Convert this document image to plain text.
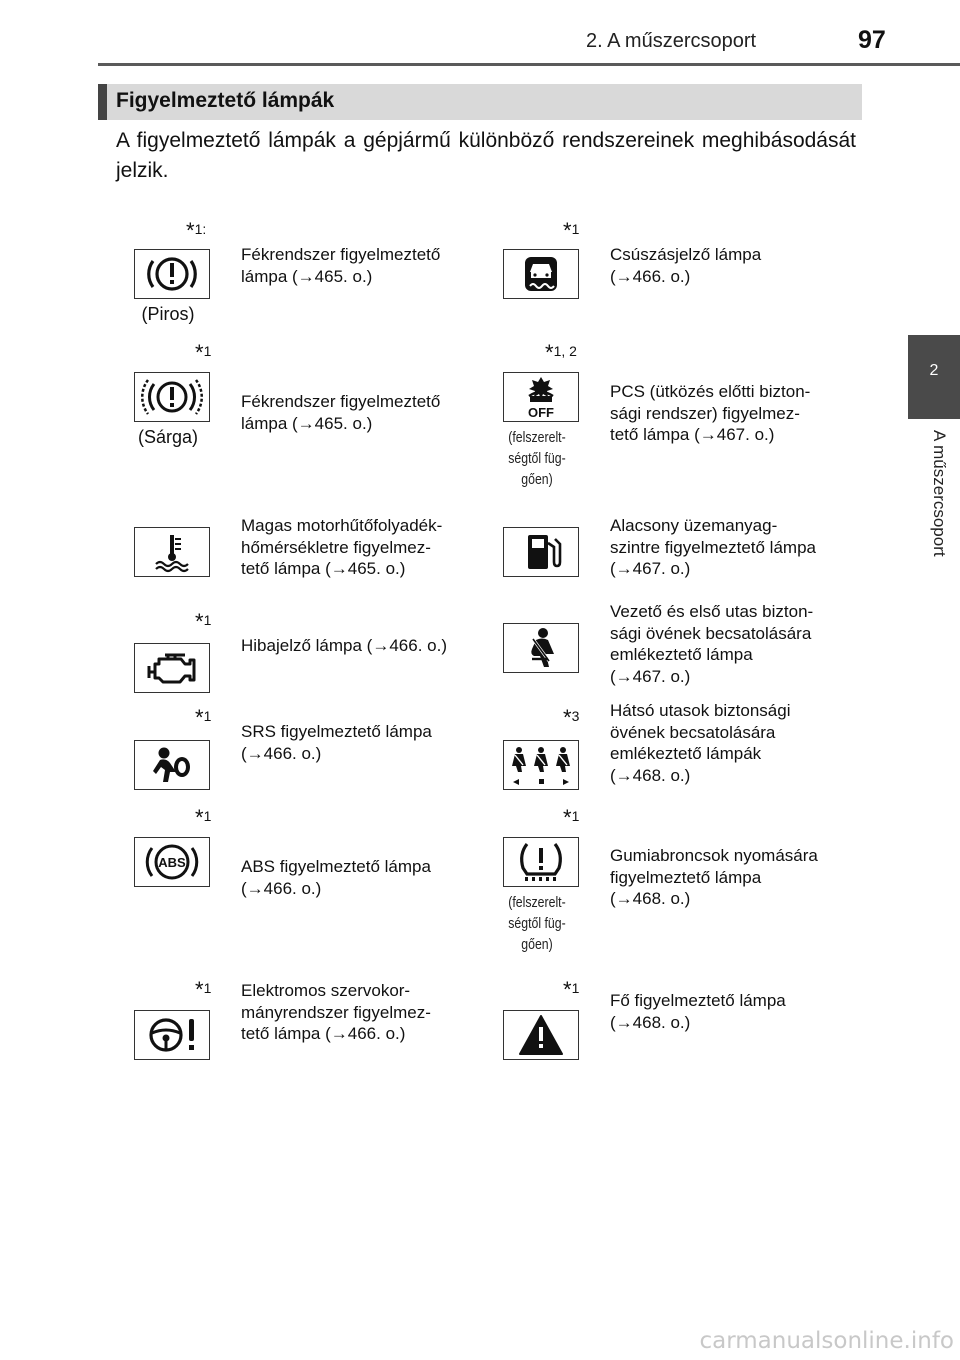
2. A műszercsoport	97
2
A műszercsoport
Figyelmeztető lámpák
A figyelmeztető lámpák a gépjármű különböző rendszereinek meghibásodását jelzik.
*$^{1:}$
(Piros)
Fékrendszer figyelmeztető
lámpa (→465. o.)
*$^1$
Csúszásjelző lámpa
(→466. o.)
*$^1$
(Sárga)
Fékrendszer figyelmeztető
lámpa (→465. o.)
*$^{1, 2}$
OFF
(felszerelt-
ségtől füg-
gően)
PCS (ütközés előtti bizton-
sági rendszer) figyelmez-
tető lámpa (→467. o.)
Magas motorhűtőfolyadék-
hőmérsékletre figyelmez-
tető lámpa (→465. o.)
Alacsony üzemanyag-
szintre figyelmeztető lámpa
(→467. o.)
*$^1$
Hibajelző lámpa (→466. o.)
Vezető és első utas bizton-
sági övének becsatolására
emlékeztető lámpa
(→467. o.)
*$^1$
SRS figyelmeztető lámpa
(→466. o.)
*$^3$ Hátsó utasok biztonsági
övének becsatolására
emlékeztető lámpák
(→468. o.)
*$^1$
ABS	ABS figyelmeztető lámpa
(→466. o.)
*$^1$
(felszerelt-
ségtől füg-
gően)
Gumiabroncsok nyomására
figyelmeztető lámpa
(→468. o.)
*$^1$ Elektromos szervokor-
mányrendszer figyelmez-
tető lámpa (→466. o.)
*$^1$
Fő figyelmeztető lámpa
(→468. o.)
carmanualsonline.info
